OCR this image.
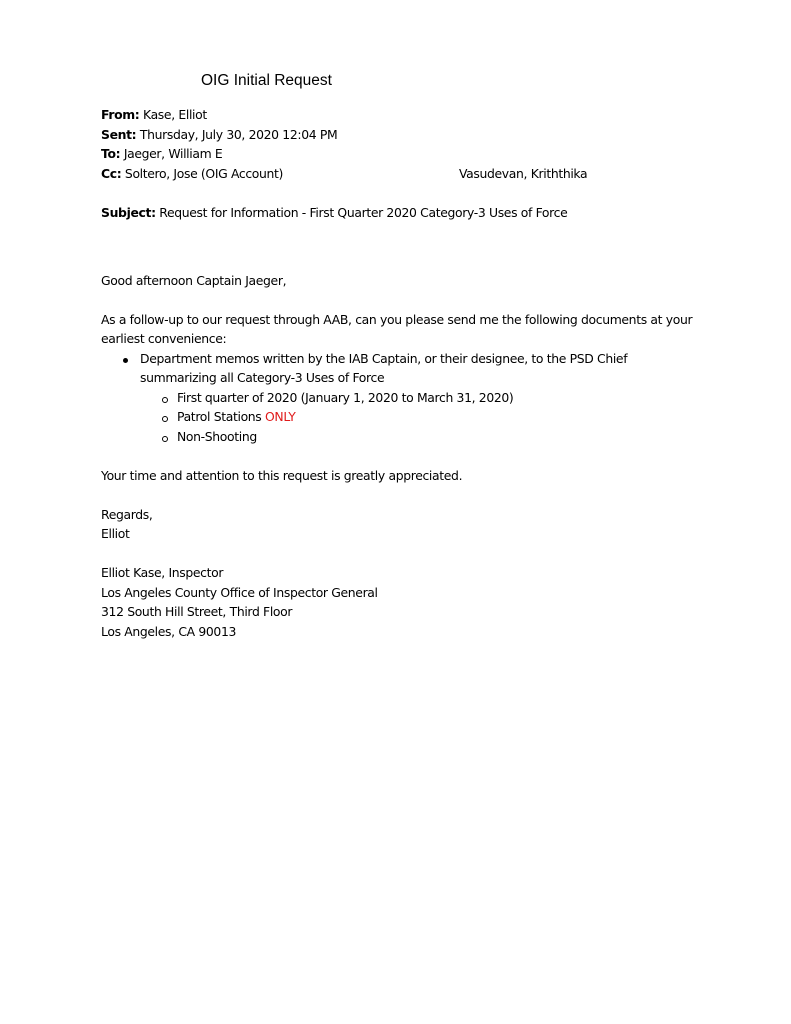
OIG Initial Request
From: Kase, Elliot
Sent: Thursday, July 30, 2020 12:04 PM
To: Jaeger, William E
Cc: Soltero, Jose (OIG Account)	Vasudevan, Kriththika
Subject: Request for Information - First Quarter 2020 Category-3 Uses of Force
Good afternoon Captain Jaeger,
As a follow-up to our request through AAB, can you please send me the following documents at your
earliest convenience:
Department memos written by the IAB Captain, or their designee, to the PSD Chief
summarizing all Category-3 Uses of Force
First quarter of 2020 (January 1, 2020 to March 31, 2020)
Patrol Stations ONLY
Non-Shooting
Your time and attention to this request is greatly appreciated.
Regards,
Elliot
Elliot Kase, Inspector
Los Angeles County Office of Inspector General
312 South Hill Street, Third Floor
Los Angeles, CA 90013
